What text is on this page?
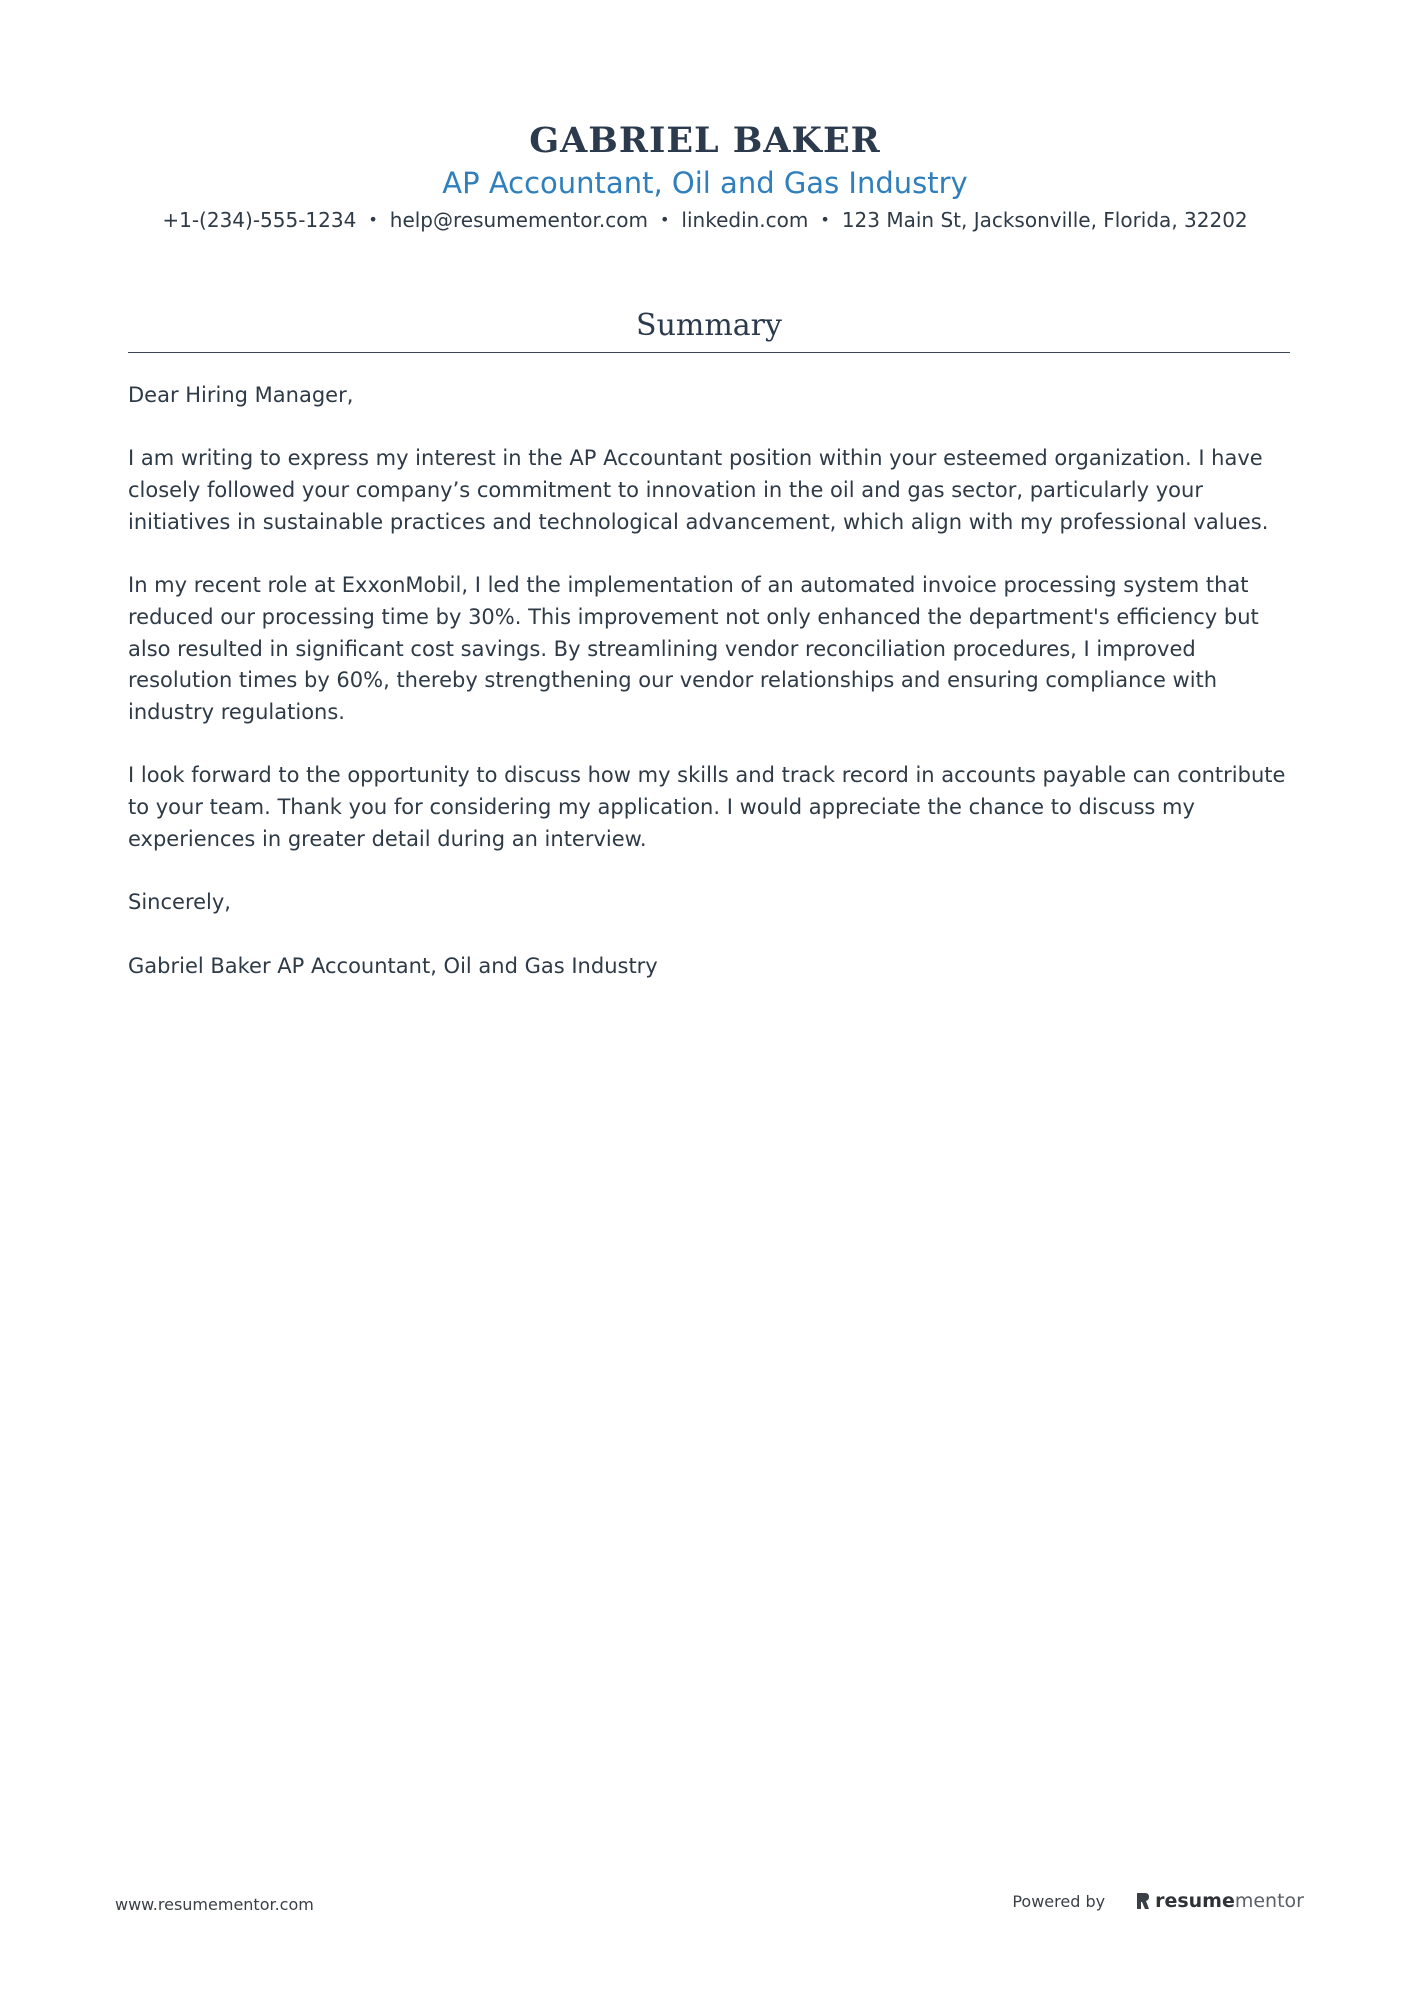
GABRIEL BAKER
AP Accountant, Oil and Gas Industry
+1-(234)-555-1234 • help@resumementor.com • linkedin.com • 123 Main St, Jacksonville, Florida, 32202
Summary

Dear Hiring Manager,

I am writing to express my interest in the AP Accountant position within your esteemed organization. I have closely followed your company’s commitment to innovation in the oil and gas sector, particularly your initiatives in sustainable practices and technological advancement, which align with my professional values.

In my recent role at ExxonMobil, I led the implementation of an automated invoice processing system that reduced our processing time by 30%. This improvement not only enhanced the department's efficiency but also resulted in significant cost savings. By streamlining vendor reconciliation procedures, I improved resolution times by 60%, thereby strengthening our vendor relationships and ensuring compliance with industry regulations.

I look forward to the opportunity to discuss how my skills and track record in accounts payable can contribute to your team. Thank you for considering my application. I would appreciate the chance to discuss my experiences in greater detail during an interview.

Sincerely,

Gabriel Baker AP Accountant, Oil and Gas Industry

www.resumementor.com	Powered by	resume mentor
